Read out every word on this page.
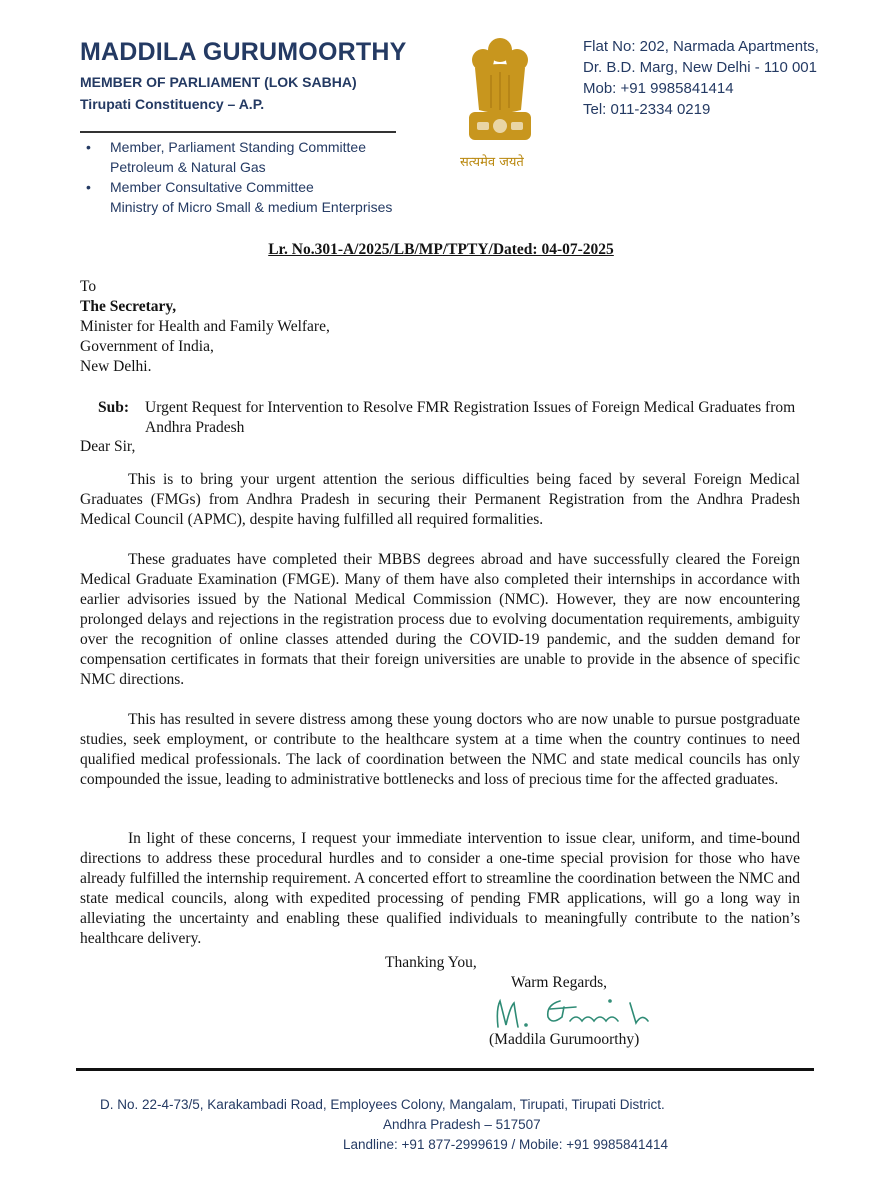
MADDILA GURUMOORTHY
MEMBER OF PARLIAMENT (LOK SABHA)
Tirupati Constituency – A.P.
• Member, Parliament Standing Committee
Petroleum & Natural Gas
• Member Consultative Committee
Ministry of Micro Small & medium Enterprises
सत्यमेव जयते
Flat No: 202, Narmada Apartments,
Dr. B.D. Marg, New Delhi - 110 001
Mob: +91 9985841414
Tel: 011-2334 0219
Lr. No.301-A/2025/LB/MP/TPTY/Dated: 04-07-2025
To
The Secretary,
Minister for Health and Family Welfare,
Government of India,
New Delhi.
Sub: Urgent Request for Intervention to Resolve FMR Registration Issues of Foreign Medical Graduates from Andhra Pradesh
Dear Sir,
This is to bring your urgent attention the serious difficulties being faced by several Foreign Medical Graduates (FMGs) from Andhra Pradesh in securing their Permanent Registration from the Andhra Pradesh Medical Council (APMC), despite having fulfilled all required formalities.
These graduates have completed their MBBS degrees abroad and have successfully cleared the Foreign Medical Graduate Examination (FMGE). Many of them have also completed their internships in accordance with earlier advisories issued by the National Medical Commission (NMC). However, they are now encountering prolonged delays and rejections in the registration process due to evolving documentation requirements, ambiguity over the recognition of online classes attended during the COVID-19 pandemic, and the sudden demand for compensation certificates in formats that their foreign universities are unable to provide in the absence of specific NMC directions.
This has resulted in severe distress among these young doctors who are now unable to pursue postgraduate studies, seek employment, or contribute to the healthcare system at a time when the country continues to need qualified medical professionals. The lack of coordination between the NMC and state medical councils has only compounded the issue, leading to administrative bottlenecks and loss of precious time for the affected graduates.
In light of these concerns, I request your immediate intervention to issue clear, uniform, and time-bound directions to address these procedural hurdles and to consider a one-time special provision for those who have already fulfilled the internship requirement. A concerted effort to streamline the coordination between the NMC and state medical councils, along with expedited processing of pending FMR applications, will go a long way in alleviating the uncertainty and enabling these qualified individuals to meaningfully contribute to the nation’s healthcare delivery.
Thanking You,
Warm Regards,
(Maddila Gurumoorthy)
D. No. 22-4-73/5, Karakambadi Road, Employees Colony, Mangalam, Tirupati, Tirupati District.
Andhra Pradesh – 517507
Landline: +91 877-2999619 / Mobile: +91 9985841414
